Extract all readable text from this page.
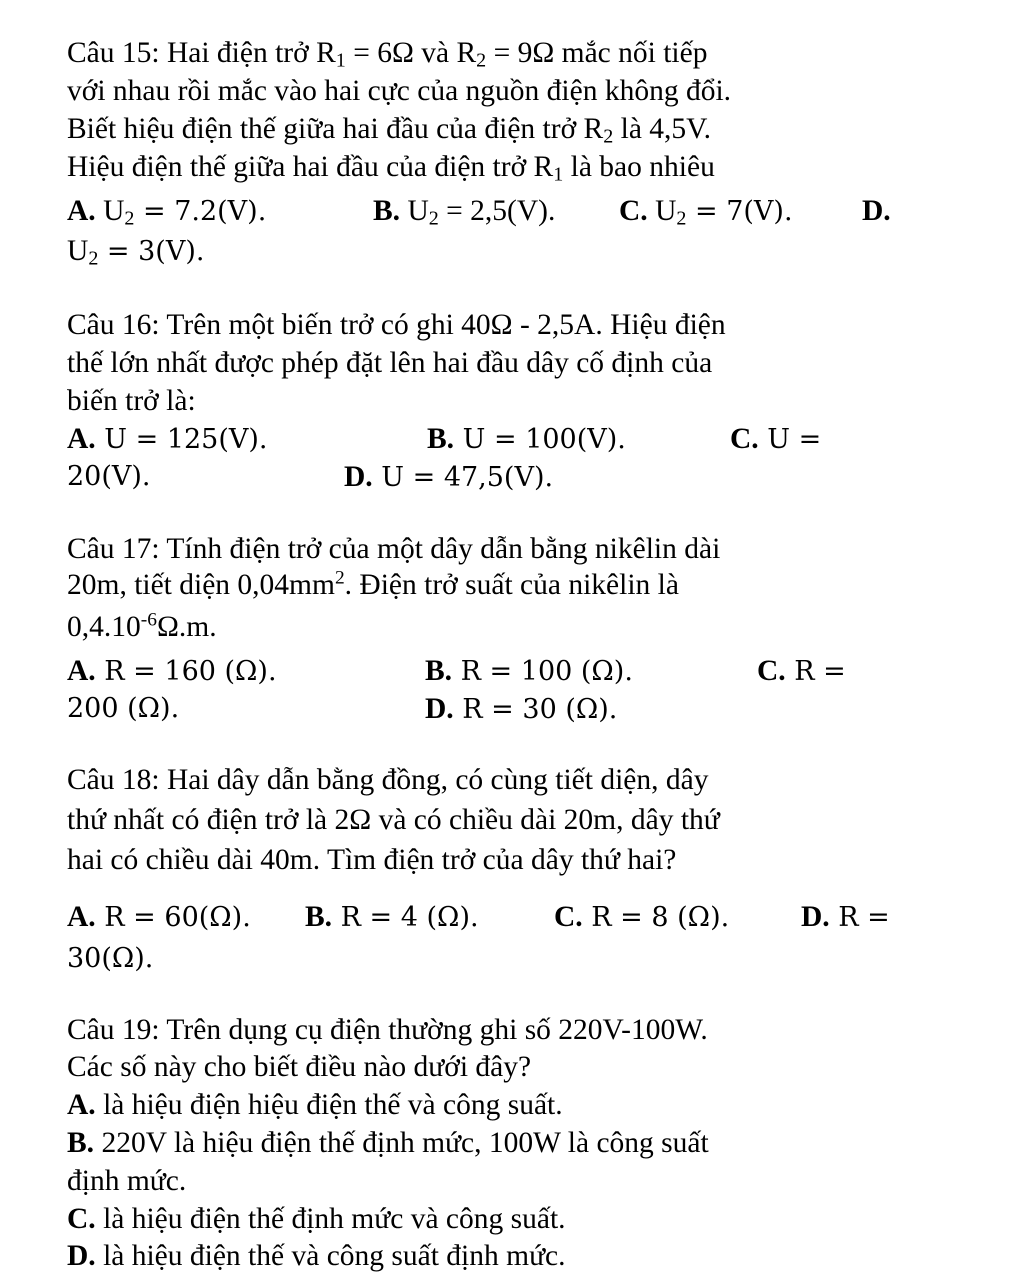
Câu 15: Hai điện trở $R_1 = 6\Omega$ và $R_2 = 9\Omega$ mắc nối tiếp
với nhau rồi mắc vào hai cực của nguồn điện không đổi.
Biết hiệu điện thế giữa hai đầu của điện trở $R_2$ là 4,5V.
Hiệu điện thế giữa hai đầu của điện trở $R_1$ là bao nhiêu
A. $U_2 = 7.2(V)$.	B. $U_2 = 2,5(V)$. C. $U_2 = 7(V)$. D.
$U_2 = 3(V)$.
Câu 16: Trên một biến trở có ghi 40Ω - 2,5A. Hiệu điện
thế lớn nhất được phép đặt lên hai đầu dây cố định của
biến trở là:
A. U = 125(V).	B. U = 100(V).	C. U =
20(V).	D. U = 47,5(V).
Câu 17: Tính điện trở của một dây dẫn bằng nikêlin dài
20m, tiết diện $0,04mm^2$. Điện trở suất của nikêlin là
$0,4.10^{-6}\Omega.m$.
A. R = 160 (Ω).	B. R = 100 (Ω).	C. R =
200 (Ω).	D. R = 30 (Ω).
Câu 18: Hai dây dẫn bằng đồng, có cùng tiết diện, dây
thứ nhất có điện trở là 2Ω và có chiều dài 20m, dây thứ
hai có chiều dài 40m. Tìm điện trở của dây thứ hai?
A. R = 60(Ω). B. R = 4 (Ω).	C. R = 8 (Ω). D. R =
30(Ω).
Câu 19: Trên dụng cụ điện thường ghi số 220V-100W.
Các số này cho biết điều nào dưới đây?
A. là hiệu điện hiệu điện thế và công suất.
B. 220V là hiệu điện thế định mức, 100W là công suất
định mức.
C. là hiệu điện thế định mức và công suất.
D. là hiệu điện thế và công suất định mức.
